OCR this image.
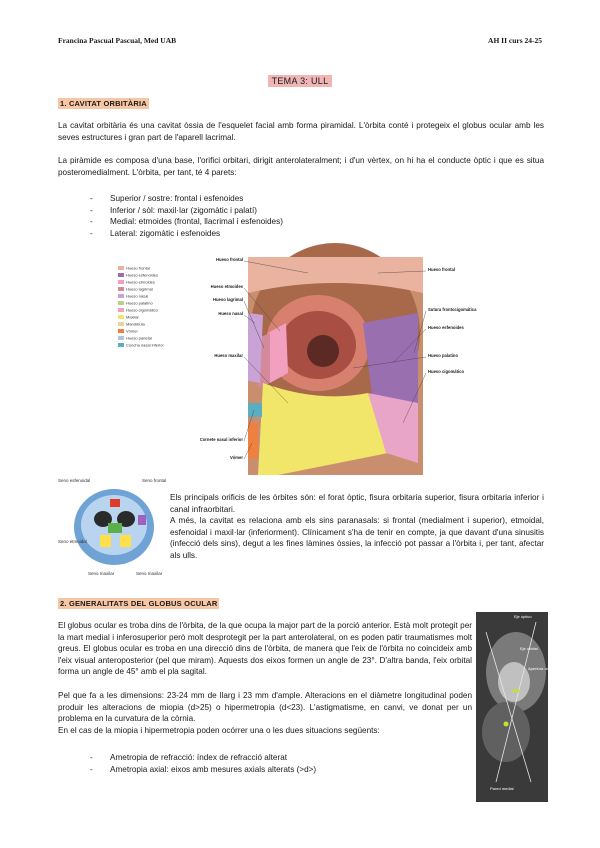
Francina Pascual Pascual, Med UAB	AH II curs 24-25
TEMA 3: ULL
1. CAVITAT ORBITÀRIA

La cavitat orbitària és una cavitat òssia de l'esquelet facial amb forma piramidal. L'òrbita conté i protegeix el globus ocular amb les seves estructures i gran part de l'aparell lacrimal.

La piràmide es composa d'una base, l'orifici orbitari, dirigit anterolateralment; i d'un vèrtex, on hi ha el conducte òptic i que es situa posteromedialment. L'òrbita, per tant, té 4 parets:

- Superior / sostre: frontal i esfenoides
- Inferior / sòl: maxil·lar (zigomàtic i palatí)
- Medial: etmoides (frontal, llacrimal i esfenoides)
- Lateral: zigomàtic i esfenoides
Hueso frontal
Hueso esfenoides
Hueso etmoides
Hueso lagrimal
Hueso nasal
Hueso palatino
Hueso cigomático
Maxilar
Mandíbula
Vómer
Hueso parietal
Concha nasal inferior
Hueso frontal
Hueso etmoides
Hueso lagrimal
Hueso nasal
Hueso maxilar
Cornete nasal inferior
Vómer
Hueso frontal
Sutura frontocigomática
Hueso esfenoides
Hueso palatino
Hueso cigomático
Seno esfenoidal	Seno frontal
Seno etmoidal
Seno maxilar	Seno maxilar

Els principals orificis de les òrbites són: el forat òptic, fisura orbitaria superior, fisura orbitaria inferior i canal infraorbitari.

A més, la cavitat es relaciona amb els sins paranasals: si frontal (medialment i superior), etmoidal, esfenoidal i maxil·lar (inferiorment). Clínicament s'ha de tenir en compte, ja que davant d'una sinusitis (infecció dels sins), degut a les fines làmines òssies, la infecció pot passar a l'òrbita i, per tant, afectar als ulls.

2. GENERALITATS DEL GLOBUS OCULAR

El globus ocular es troba dins de l'òrbita, de la que ocupa la major part de la porció anterior. Està molt protegit per la mart medial i inferosuperior però molt desprotegit per la part anterolateral, on es poden patir traumatismes molt greus. El globus ocular es troba en una direcció dins de l'òrbita, de manera que l'eix de l'òrbita no coincideix amb l'eix visual anteroposterior (pel que miram). Aquests dos eixos formen un angle de 23°. D'altra banda, l'eix orbital forma un angle de 45° amb el pla sagital.

Pel que fa a les dimensions: 23-24 mm de llarg i 23 mm d'ample. Alteracions en el diàmetre longitudinal poden produir les alteracions de miopia (d>25) o hipermetropia (d<23). L'astigmatisme, en canvi, ve donat per un problema en la curvatura de la còrnia.

En el cas de la miopia i hipermetropia poden ocórrer una o les dues situacions següents:

- Ametropia de refracció: índex de refracció alterat
- Ametropia axial: eixos amb mesures axials alterats (>d>)
Eje óptico
Eje orbital
Apertura orbitaria
Pared medial
